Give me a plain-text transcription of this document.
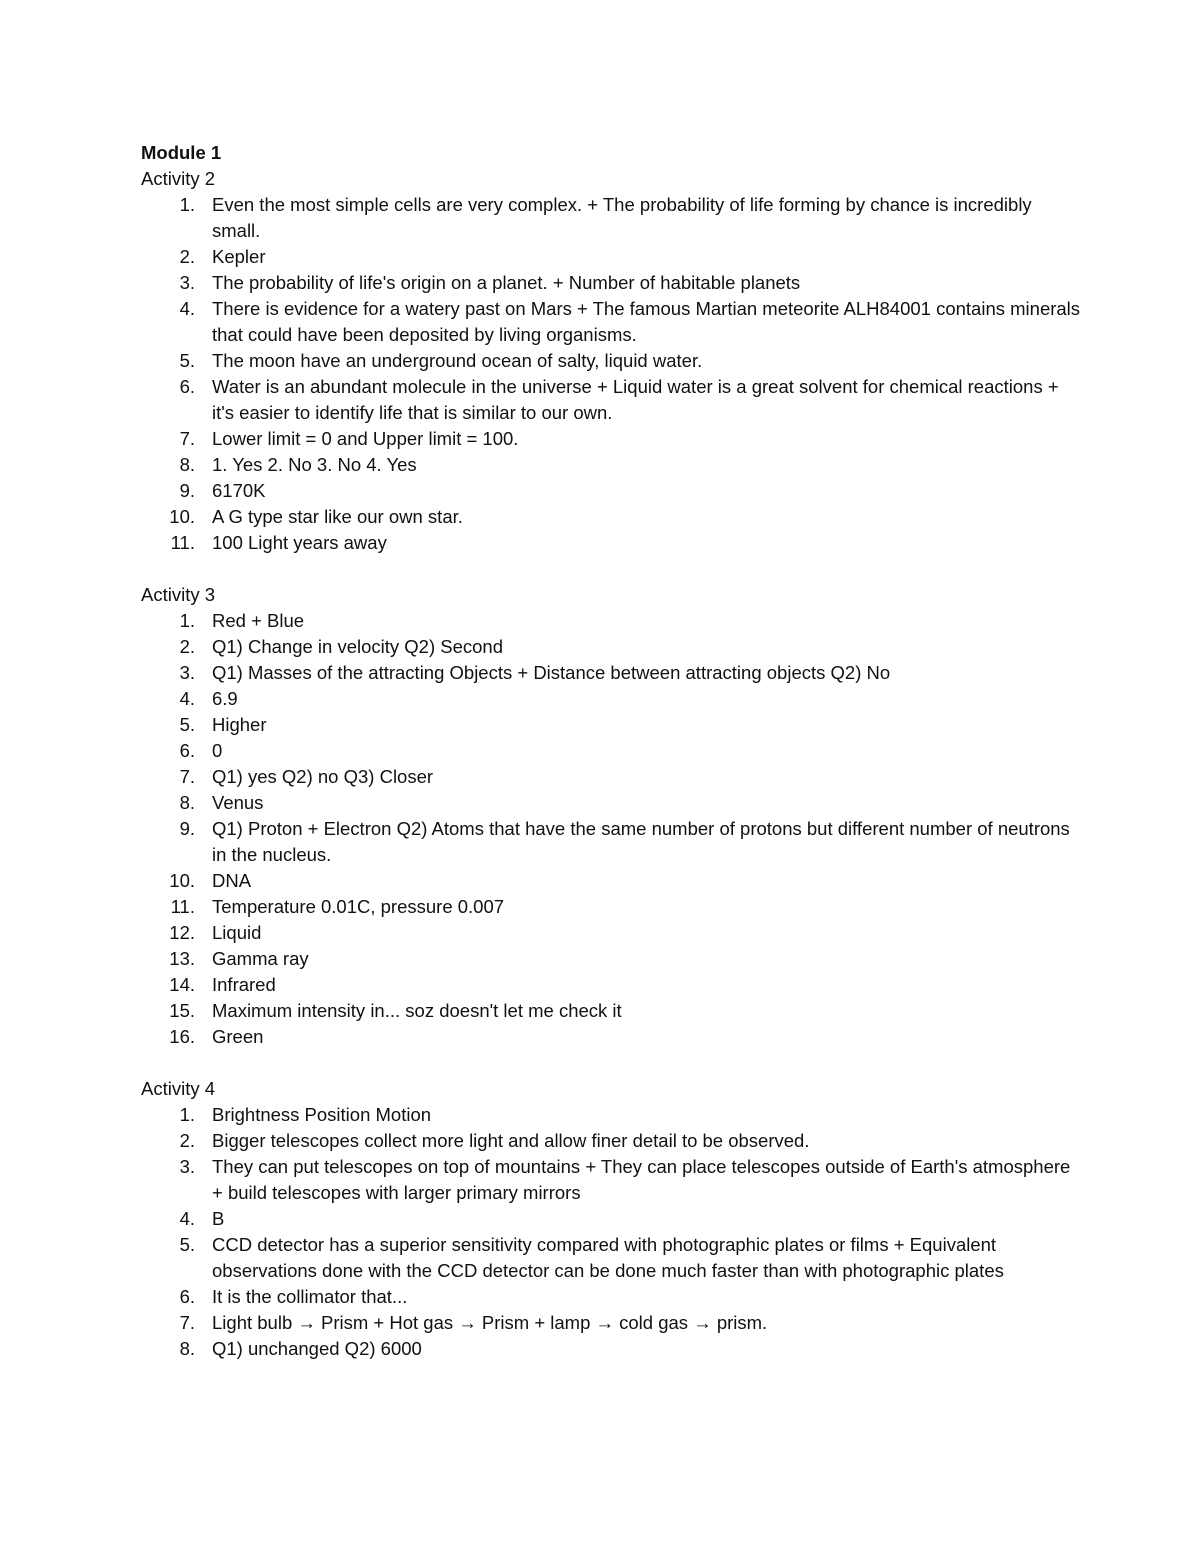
Module 1
Activity 2
1. Even the most simple cells are very complex. + The probability of life forming by chance is incredibly small.
2. Kepler
3. The probability of life's origin on a planet. + Number of habitable planets
4. There is evidence for a watery past on Mars + The famous Martian meteorite ALH84001 contains minerals that could have been deposited by living organisms.
5. The moon have an underground ocean of salty, liquid water.
6. Water is an abundant molecule in the universe + Liquid water is a great solvent for chemical reactions + it's easier to identify life that is similar to our own.
7. Lower limit = 0 and Upper limit = 100.
8. 1. Yes 2. No 3. No 4. Yes
9. 6170K
10. A G type star like our own star.
11. 100 Light years away
Activity 3
1. Red + Blue
2. Q1) Change in velocity Q2) Second
3. Q1) Masses of the attracting Objects + Distance between attracting objects Q2) No
4. 6.9
5. Higher
6. 0
7. Q1) yes Q2) no Q3) Closer
8. Venus
9. Q1) Proton + Electron Q2) Atoms that have the same number of protons but different number of neutrons in the nucleus.
10. DNA
11. Temperature 0.01C, pressure 0.007
12. Liquid
13. Gamma ray
14. Infrared
15. Maximum intensity in... soz doesn't let me check it
16. Green
Activity 4
1. Brightness Position Motion
2. Bigger telescopes collect more light and allow finer detail to be observed.
3. They can put telescopes on top of mountains + They can place telescopes outside of Earth's atmosphere + build telescopes with larger primary mirrors
4. B
5. CCD detector has a superior sensitivity compared with photographic plates or films + Equivalent observations done with the CCD detector can be done much faster than with photographic plates
6. It is the collimator that...
7. Light bulb → Prism + Hot gas → Prism + lamp → cold gas → prism.
8. Q1) unchanged Q2) 6000
